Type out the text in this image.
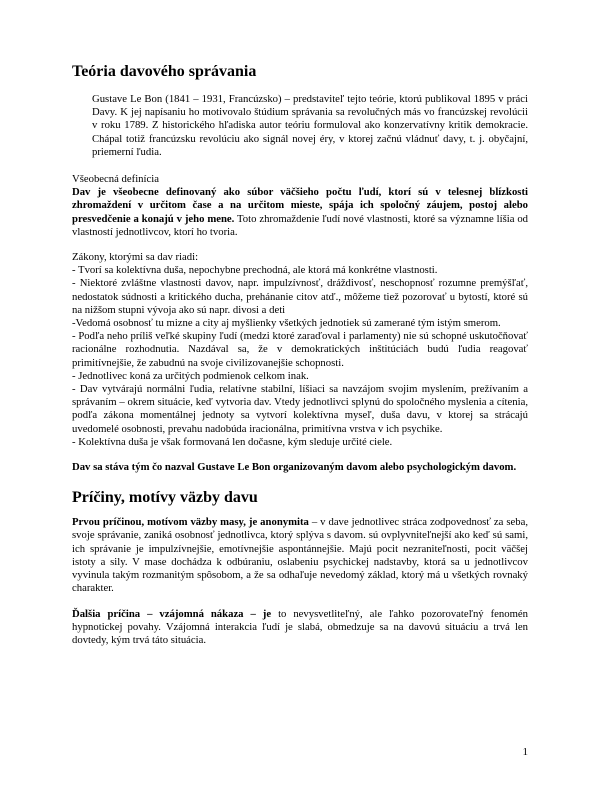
Teória davového správania

Gustave Le Bon (1841 – 1931, Francúzsko) – predstaviteľ tejto teórie, ktorú publikoval 1895 v práci Davy. K jej napísaniu ho motivovalo štúdium správania sa revolučných más vo francúzskej revolúcii v roku 1789. Z historického hľadiska autor teóriu formuloval ako konzervatívny kritik demokracie. Chápal totiž francúzsku revolúciu ako signál novej éry, v ktorej začnú vládnuť davy, t. j. obyčajní, priemerní ľudia.

Všeobecná definícia

Dav je všeobecne definovaný ako súbor väčšieho počtu ľudí, ktorí sú v telesnej blízkosti zhromaždení v určitom čase a na určitom mieste, spája ich spoločný záujem, postoj alebo presvedčenie a konajú v jeho mene. Toto zhromaždenie ľudí nové vlastnosti, ktoré sa významne líšia od vlastností jednotlivcov, ktorí ho tvoria.

Zákony, ktorými sa dav riadi:

- Tvorí sa kolektívna duša, nepochybne prechodná, ale ktorá má konkrétne vlastnosti.

- Niektoré zvláštne vlastnosti davov, napr. impulzívnosť, dráždivosť, neschopnosť rozumne premýšľať, nedostatok súdnosti a kritického ducha, prehánanie citov atď., môžeme tiež pozorovať u bytostí, ktoré sú na nižšom stupni vývoja ako sú napr. divosi a deti

-Vedomá osobnosť tu mizne a city aj myšlienky všetkých jednotiek sú zamerané tým istým smerom.

- Podľa neho príliš veľké skupiny ľudí (medzi ktoré zaraďoval i parlamenty) nie sú schopné uskutočňovať racionálne rozhodnutia. Nazdával sa, že v demokratických inštitúciách budú ľudia reagovať primitívnejšie, že zabudnú na svoje civilizovanejšie schopnosti.

- Jednotlivec koná za určitých podmienok celkom inak.

- Dav vytvárajú normálni ľudia, relatívne stabilní, líšiaci sa navzájom svojim myslením, prežívaním a správaním – okrem situácie, keď vytvoria dav. Vtedy jednotlivci splynú do spoločného myslenia a cítenia, podľa zákona momentálnej jednoty sa vytvorí kolektívna myseľ, duša davu, v ktorej sa strácajú uvedomelé osobnosti, prevahu nadobúda iracionálna, primitívna vrstva v ich psychike.

- Kolektívna duša je však formovaná len dočasne, kým sleduje určité ciele.

Dav sa stáva tým čo nazval Gustave Le Bon organizovaným davom alebo psychologickým davom.

Príčiny, motívy väzby davu

Prvou príčinou, motívom väzby masy, je anonymita – v dave jednotlivec stráca zodpovednosť za seba, svoje správanie, zaniká osobnosť jednotlivca, ktorý splýva s davom. sú ovplyvniteľnejší ako keď sú sami, ich správanie je impulzívnejšie, emotívnejšie aspontánnejšie. Majú pocit nezraniteľnosti, pocit väčšej istoty a sily. V mase dochádza k odbúraniu, oslabeniu psychickej nadstavby, ktorá sa u jednotlivcov vyvinula takým rozmanitým spôsobom, a že sa odhaľuje nevedomý základ, ktorý má u všetkých rovnaký charakter.

Ďalšia príčina – vzájomná nákaza – je to nevysvetliteľný, ale ľahko pozorovateľný fenomén hypnotickej povahy. Vzájomná interakcia ľudí je slabá, obmedzuje sa na davovú situáciu a trvá len dovtedy, kým trvá táto situácia.

1
